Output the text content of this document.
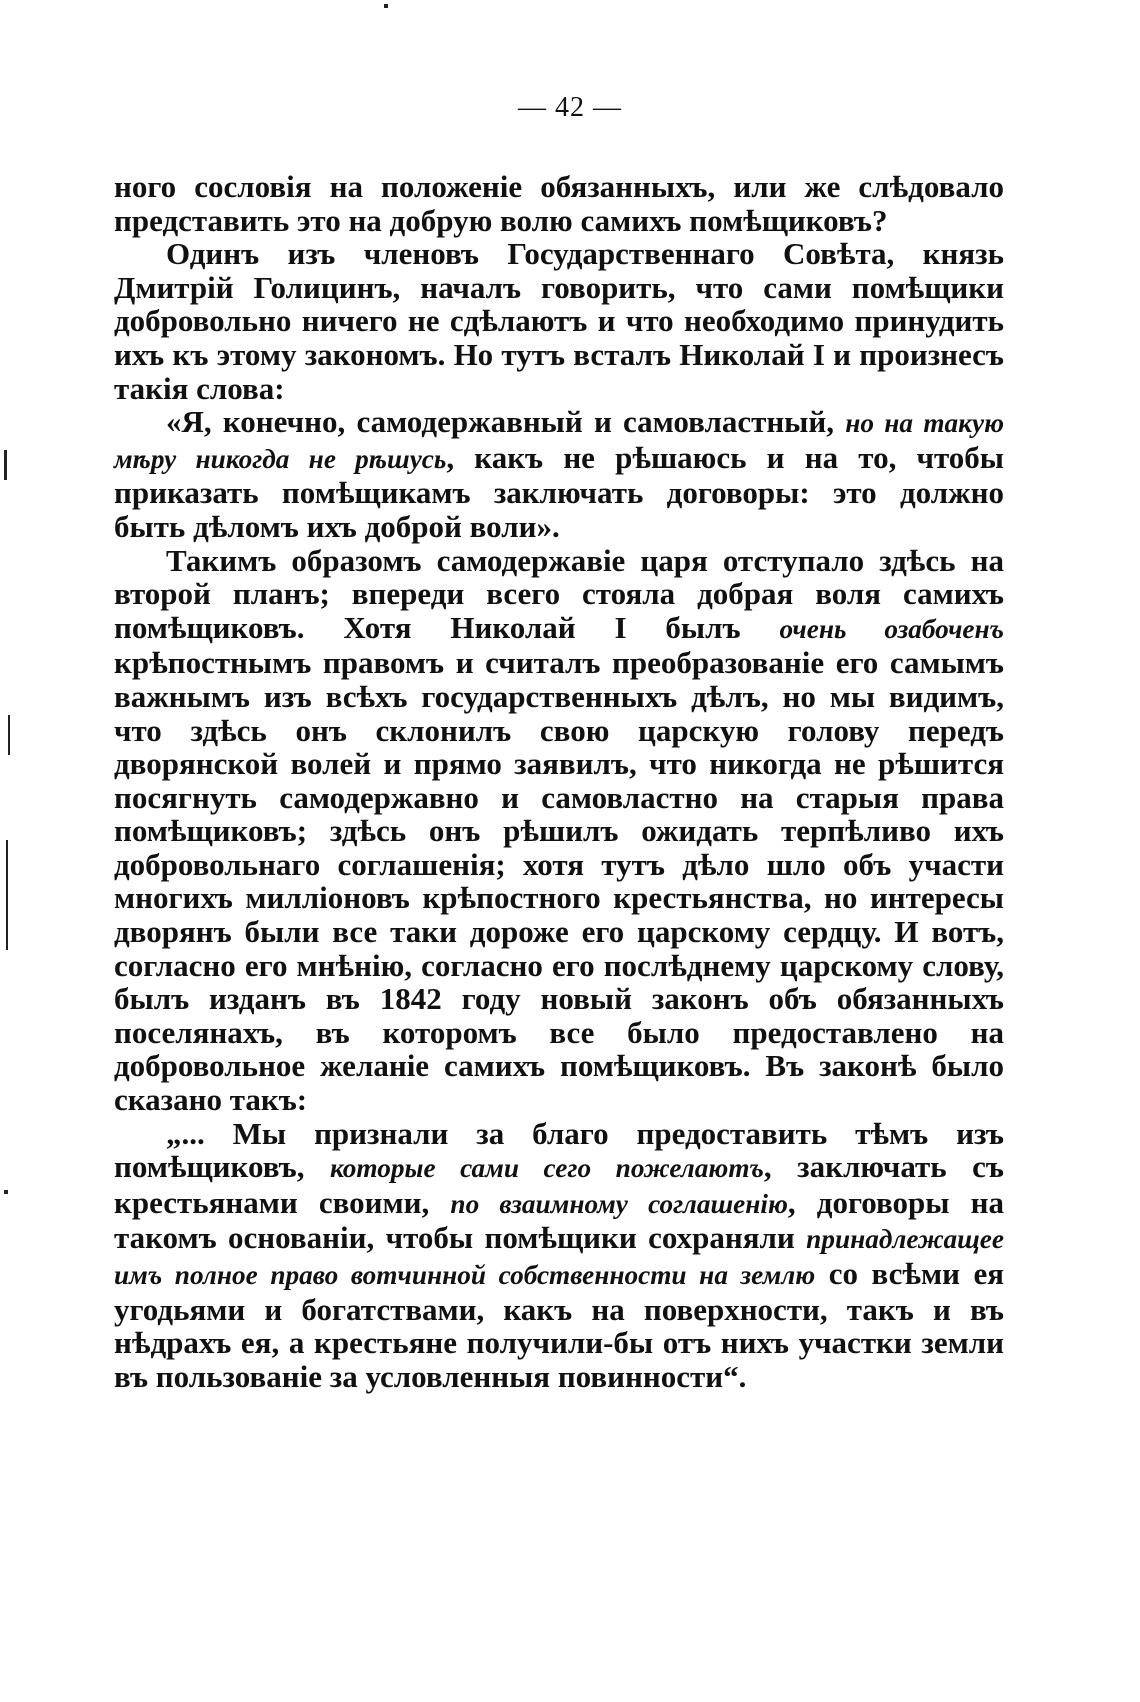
— 42 —

ного сословія на положеніе обязанныхъ, или же слѣдовало представить это на добрую волю самихъ помѣщиковъ?

Одинъ изъ членовъ Государственнаго Совѣта, князь Дмитрій Голицинъ, началъ говорить, что сами помѣщики добровольно ничего не сдѣлаютъ и что необходимо принудить ихъ къ этому закономъ. Но тутъ всталъ Николай I и произнесъ такія слова:

«Я, конечно, самодержавный и самовластный, но на такую мѣру никогда не рѣшусь, какъ не рѣшаюсь и на то, чтобы приказать помѣщикамъ заключать договоры: это должно быть дѣломъ ихъ доброй воли».

Такимъ образомъ самодержавіе царя отступало здѣсь на второй планъ; впереди всего стояла добрая воля самихъ помѣщиковъ. Хотя Николай I былъ очень озабоченъ крѣпостнымъ правомъ и считалъ преобразованіе его самымъ важнымъ изъ всѣхъ государственныхъ дѣлъ, но мы видимъ, что здѣсь онъ склонилъ свою царскую голову передъ дворянской волей и прямо заявилъ, что никогда не рѣшится посягнуть самодержавно и самовластно на старыя права помѣщиковъ; здѣсь онъ рѣшилъ ожидать терпѣливо ихъ добровольнаго соглашенія; хотя тутъ дѣло шло объ участи многихъ милліоновъ крѣпостного крестьянства, но интересы дворянъ были все таки дороже его царскому сердцу. И вотъ, согласно его мнѣнію, согласно его послѣднему царскому слову, былъ изданъ въ 1842 году новый законъ объ обязанныхъ поселянахъ, въ которомъ все было предоставлено на добровольное желаніе самихъ помѣщиковъ. Въ законѣ было сказано такъ:

„... Мы признали за благо предоставить тѣмъ изъ помѣщиковъ, которые сами сего пожелаютъ, заключать съ крестьянами своими, по взаимному соглашенію, договоры на такомъ основаніи, чтобы помѣщики сохраняли принадлежащее имъ полное право вотчинной собственности на землю со всѣми ея угодьями и богатствами, какъ на поверхности, такъ и въ нѣдрахъ ея, а крестьяне получили-бы отъ нихъ участки земли въ пользованіе за условленныя повинности“.
